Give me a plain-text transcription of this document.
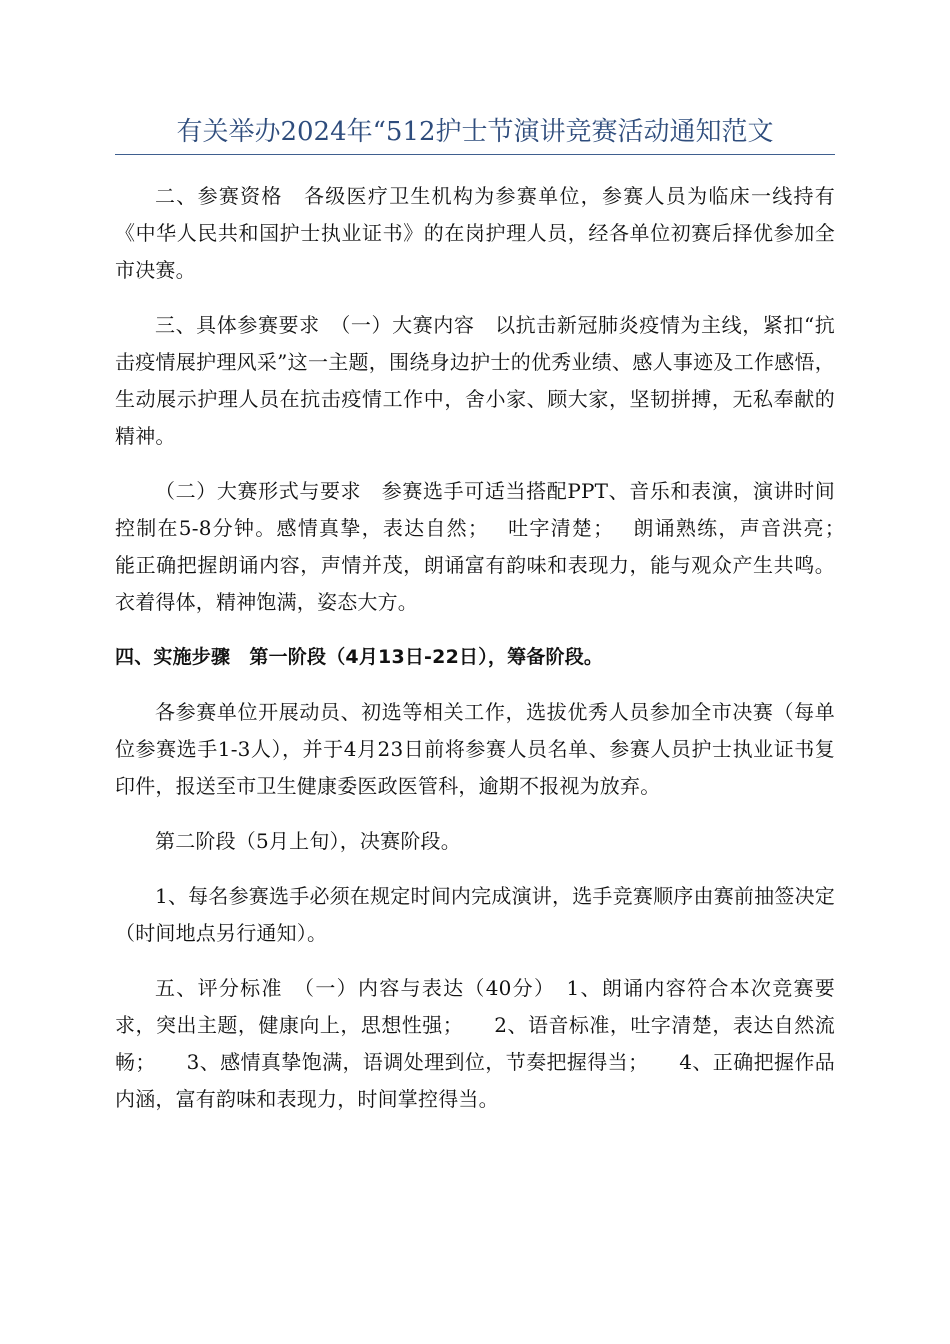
有关举办2024年“512护士节演讲竞赛活动通知范文

二、参赛资格　各级医疗卫生机构为参赛单位，参赛人员为临床一线持有《中华人民共和国护士执业证书》的在岗护理人员，经各单位初赛后择优参加全市决赛。

三、具体参赛要求　（一）大赛内容　以抗击新冠肺炎疫情为主线，紧扣“抗击疫情展护理风采”这一主题，围绕身边护士的优秀业绩、感人事迹及工作感悟，生动展示护理人员在抗击疫情工作中，舍小家、顾大家，坚韧拼搏，无私奉献的精神。

（二）大赛形式与要求　参赛选手可适当搭配PPT、音乐和表演，演讲时间控制在5-8分钟。感情真挚，表达自然；　 吐字清楚；　 朗诵熟练，声音洪亮；　 能正确把握朗诵内容，声情并茂，朗诵富有韵味和表现力，能与观众产生共鸣。衣着得体，精神饱满，姿态大方。

四、实施步骤　第一阶段（4月13日-22日），筹备阶段。

各参赛单位开展动员、初选等相关工作，选拔优秀人员参加全市决赛（每单位参赛选手1-3人），并于4月23日前将参赛人员名单、参赛人员护士执业证书复印件，报送至市卫生健康委医政医管科，逾期不报视为放弃。

第二阶段（5月上旬），决赛阶段。

1、每名参赛选手必须在规定时间内完成演讲，选手竞赛顺序由赛前抽签决定（时间地点另行通知）。

五、评分标准　（一）内容与表达（40分）　1、朗诵内容符合本次竞赛要求，突出主题，健康向上，思想性强；　　2、语音标准，吐字清楚，表达自然流畅；　　3、感情真挚饱满，语调处理到位，节奏把握得当；　　4、正确把握作品内涵，富有韵味和表现力，时间掌控得当。
